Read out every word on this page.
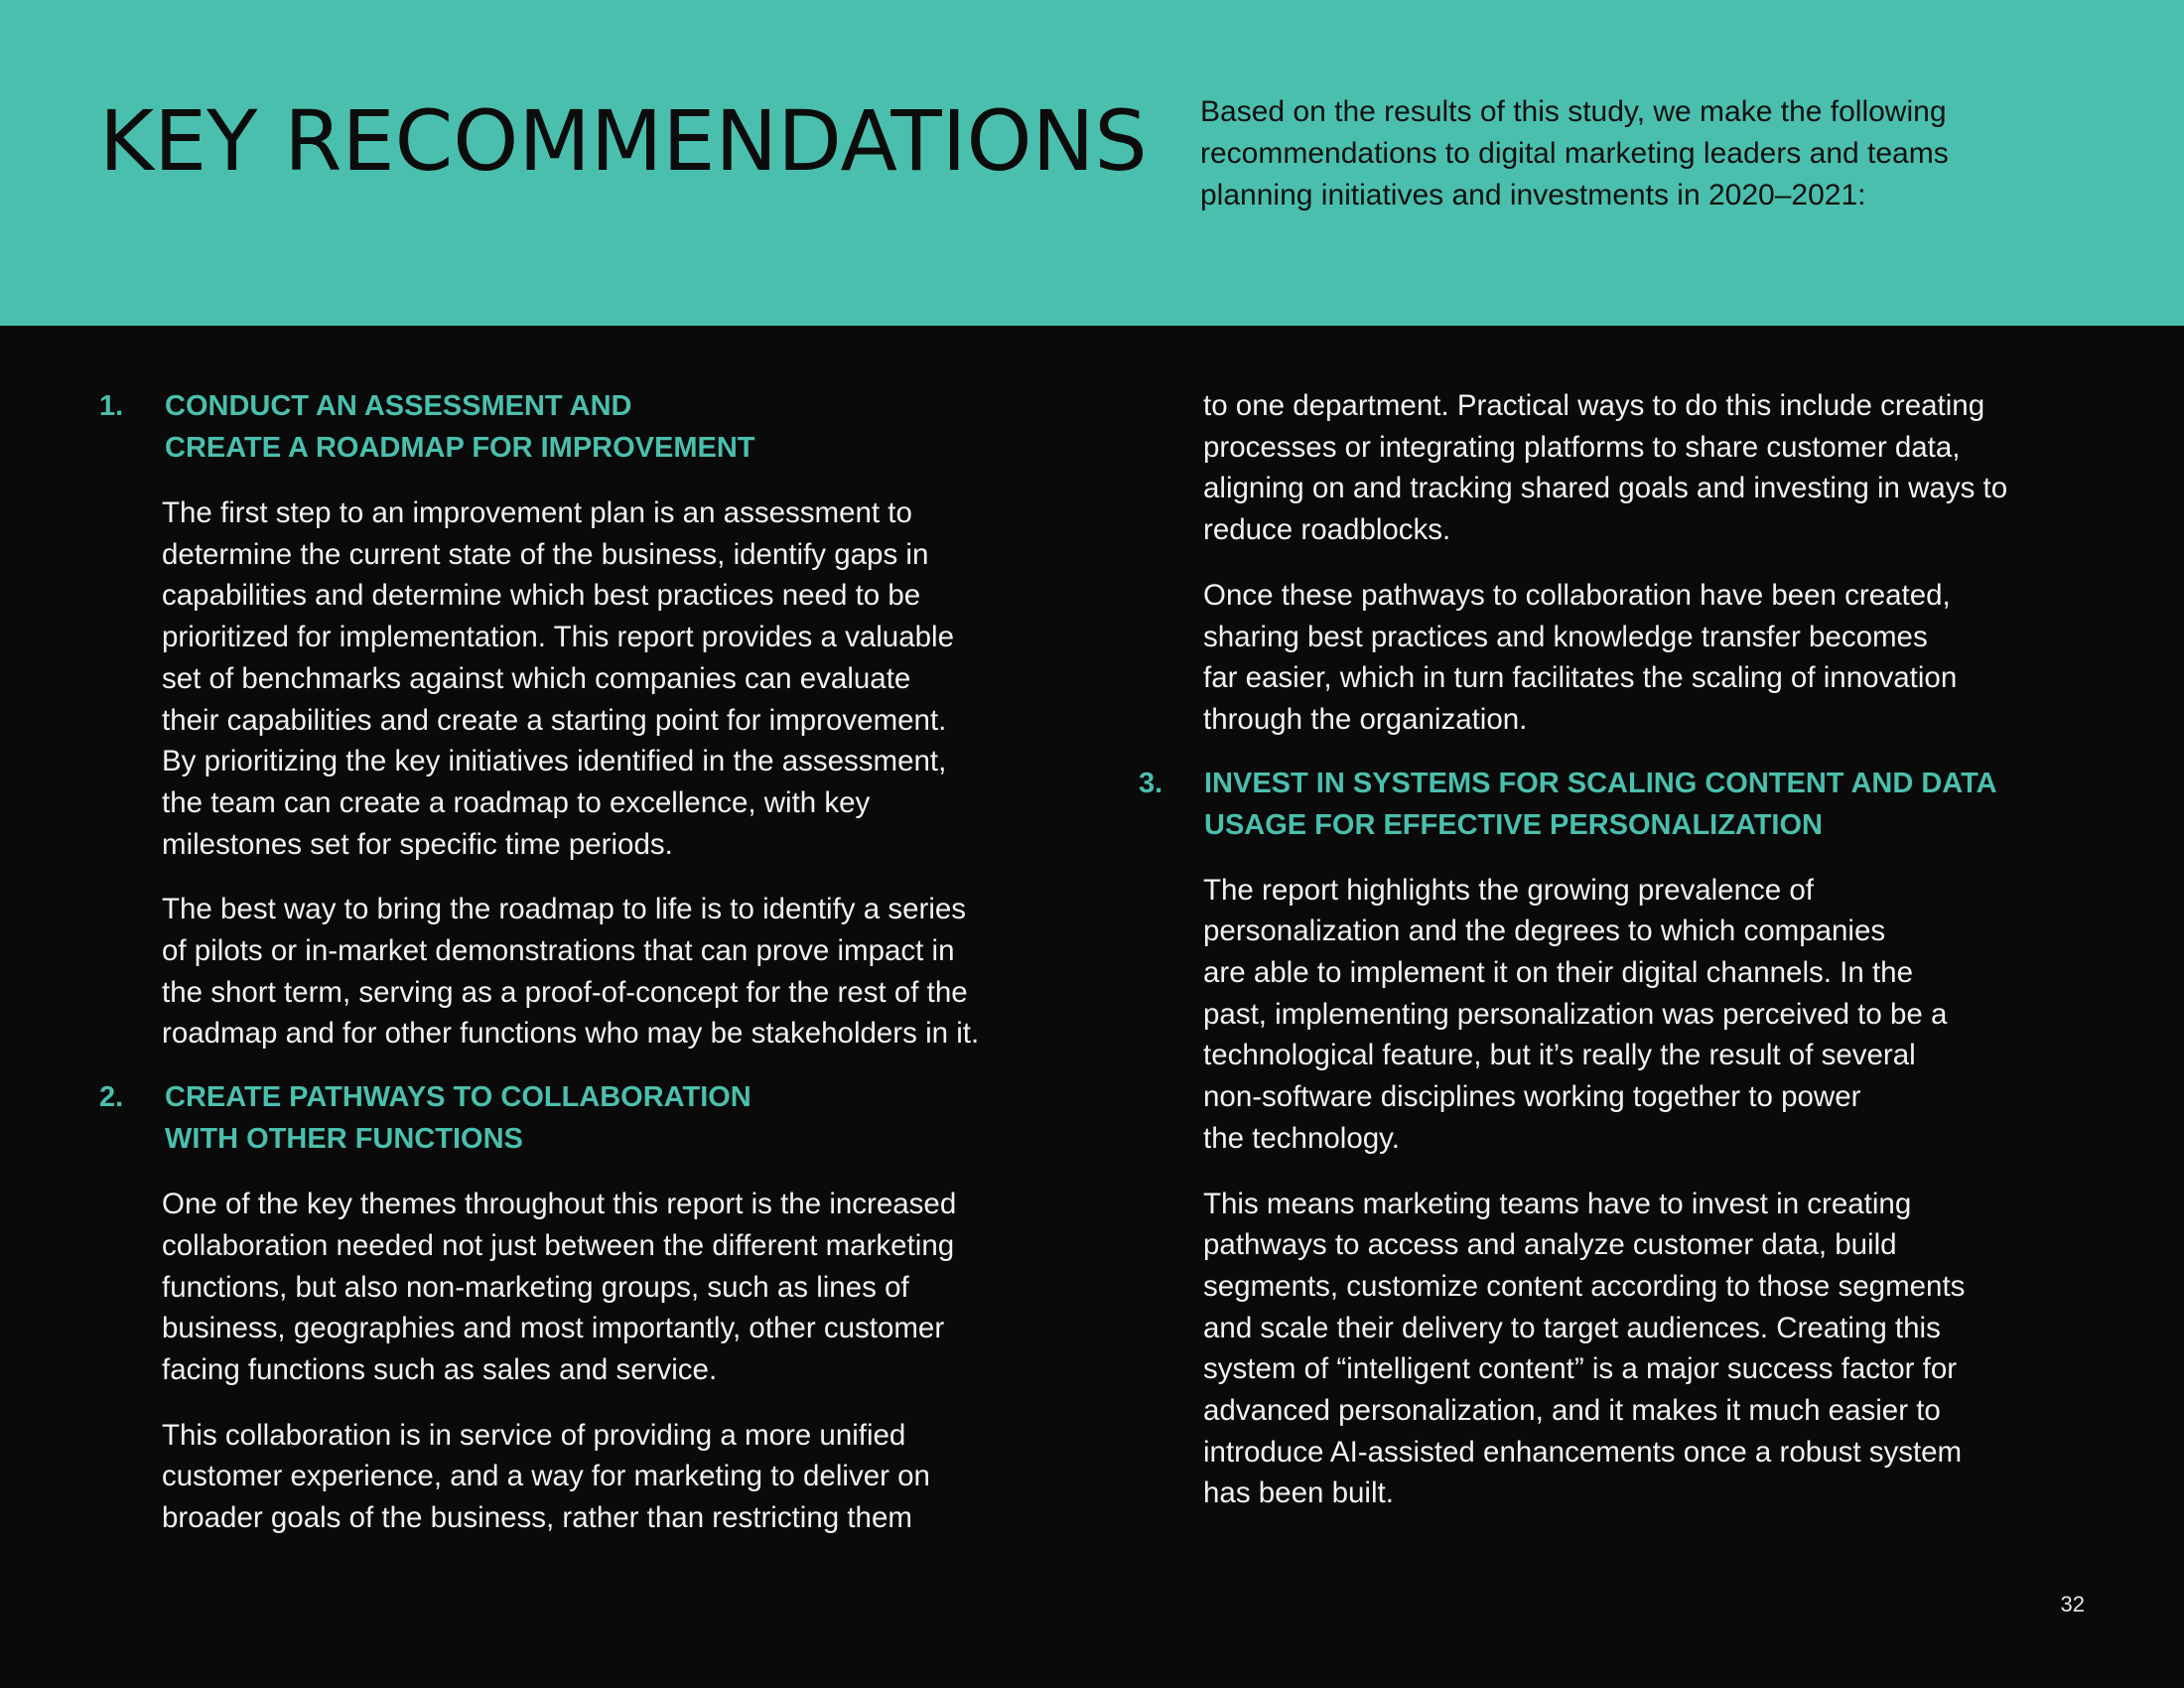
KEY RECOMMENDATIONS Based on the results of this study, we make the following
recommendations to digital marketing leaders and teams
planning initiatives and investments in 2020–2021:

1. CONDUCT AN ASSESSMENT AND
CREATE A ROADMAP FOR IMPROVEMENT

The first step to an improvement plan is an assessment to
determine the current state of the business, identify gaps in
capabilities and determine which best practices need to be
prioritized for implementation. This report provides a valuable
set of benchmarks against which companies can evaluate
their capabilities and create a starting point for improvement.
By prioritizing the key initiatives identified in the assessment,
the team can create a roadmap to excellence, with key
milestones set for specific time periods.

The best way to bring the roadmap to life is to identify a series
of pilots or in-market demonstrations that can prove impact in
the short term, serving as a proof-of-concept for the rest of the
roadmap and for other functions who may be stakeholders in it.

2. CREATE PATHWAYS TO COLLABORATION
WITH OTHER FUNCTIONS

One of the key themes throughout this report is the increased
collaboration needed not just between the different marketing
functions, but also non-marketing groups, such as lines of
business, geographies and most importantly, other customer
facing functions such as sales and service.

This collaboration is in service of providing a more unified
customer experience, and a way for marketing to deliver on
broader goals of the business, rather than restricting them

to one department. Practical ways to do this include creating
processes or integrating platforms to share customer data,
aligning on and tracking shared goals and investing in ways to
reduce roadblocks.

Once these pathways to collaboration have been created,
sharing best practices and knowledge transfer becomes
far easier, which in turn facilitates the scaling of innovation
through the organization.

3. INVEST IN SYSTEMS FOR SCALING CONTENT AND DATA
USAGE FOR EFFECTIVE PERSONALIZATION

The report highlights the growing prevalence of
personalization and the degrees to which companies
are able to implement it on their digital channels. In the
past, implementing personalization was perceived to be a
technological feature, but it’s really the result of several
non-software disciplines working together to power
the technology.

This means marketing teams have to invest in creating
pathways to access and analyze customer data, build
segments, customize content according to those segments
and scale their delivery to target audiences. Creating this
system of “intelligent content” is a major success factor for
advanced personalization, and it makes it much easier to
introduce AI-assisted enhancements once a robust system
has been built.

32
